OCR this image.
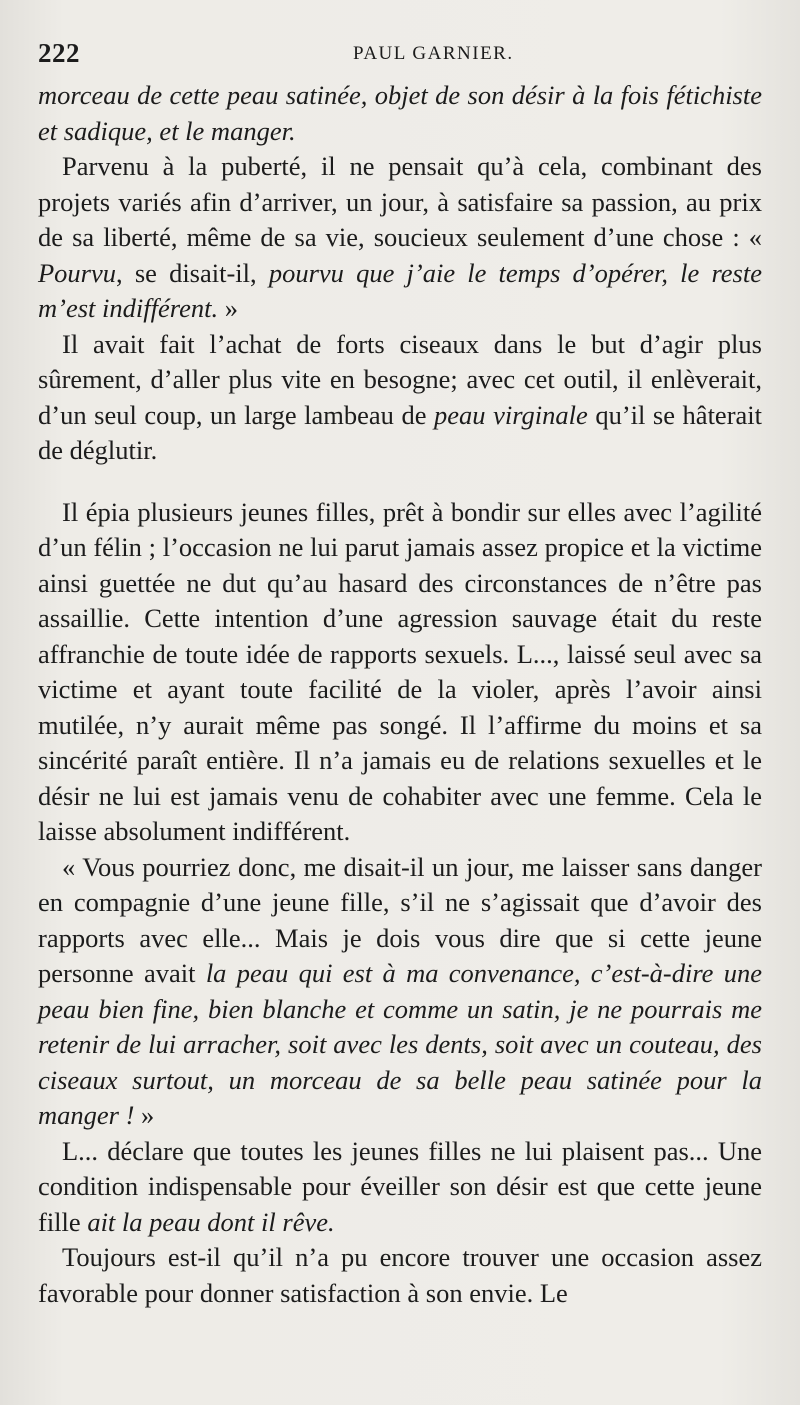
222	PAUL GARNIER.

morceau de cette peau satinée, objet de son désir à la fois fétichiste et sadique, et le manger.

Parvenu à la puberté, il ne pensait qu’à cela, combinant des projets variés afin d’arriver, un jour, à satisfaire sa passion, au prix de sa liberté, même de sa vie, soucieux seulement d’une chose : « Pourvu, se disait-il, pourvu que j’aie le temps d’opérer, le reste m’est indifférent. »

Il avait fait l’achat de forts ciseaux dans le but d’agir plus sûrement, d’aller plus vite en besogne; avec cet outil, il enlèverait, d’un seul coup, un large lambeau de peau virginale qu’il se hâterait de déglutir.

Il épia plusieurs jeunes filles, prêt à bondir sur elles avec l’agilité d’un félin ; l’occasion ne lui parut jamais assez propice et la victime ainsi guettée ne dut qu’au hasard des circonstances de n’être pas assaillie. Cette intention d’une agression sauvage était du reste affranchie de toute idée de rapports sexuels. L..., laissé seul avec sa victime et ayant toute facilité de la violer, après l’avoir ainsi mutilée, n’y aurait même pas songé. Il l’affirme du moins et sa sincérité paraît entière. Il n’a jamais eu de relations sexuelles et le désir ne lui est jamais venu de cohabiter avec une femme. Cela le laisse absolument indifférent.

« Vous pourriez donc, me disait-il un jour, me laisser sans danger en compagnie d’une jeune fille, s’il ne s’agissait que d’avoir des rapports avec elle... Mais je dois vous dire que si cette jeune personne avait la peau qui est à ma convenance, c’est-à-dire une peau bien fine, bien blanche et comme un satin, je ne pourrais me retenir de lui arracher, soit avec les dents, soit avec un couteau, des ciseaux surtout, un morceau de sa belle peau satinée pour la manger ! »

L... déclare que toutes les jeunes filles ne lui plaisent pas... Une condition indispensable pour éveiller son désir est que cette jeune fille ait la peau dont il rêve.

Toujours est-il qu’il n’a pu encore trouver une occasion assez favorable pour donner satisfaction à son envie. Le
